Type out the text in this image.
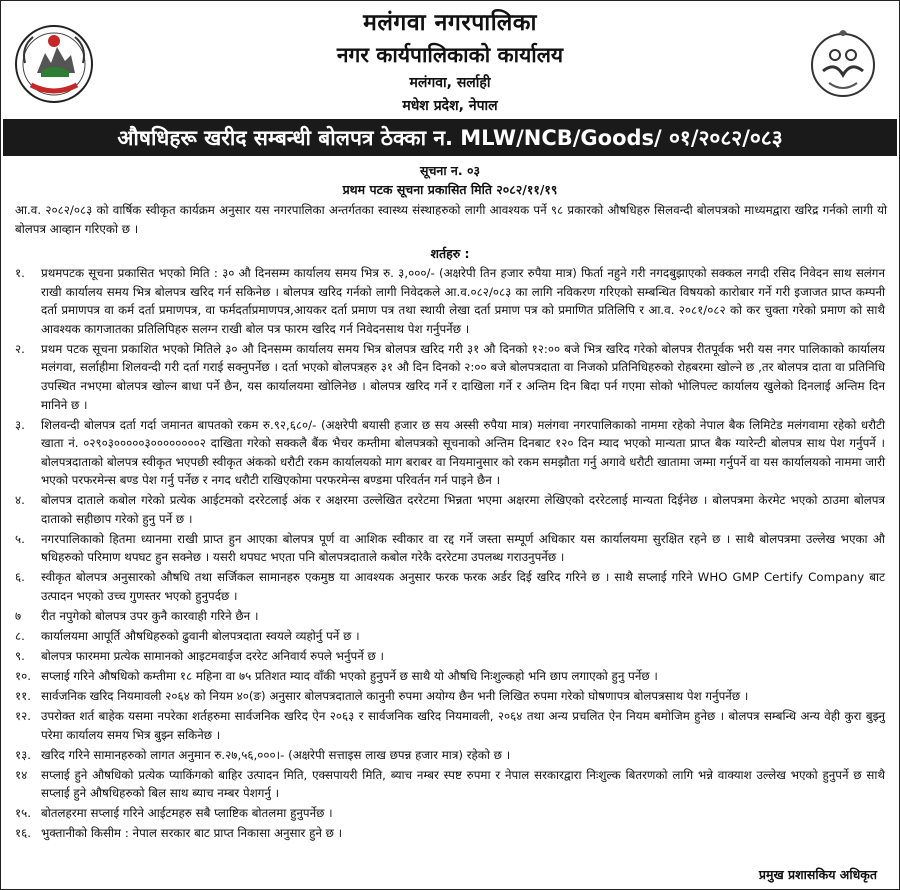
मलंगवा नगरपालिका
नगर कार्यपालिकाको कार्यालय
मलंगवा, सर्लाही
मधेश प्रदेश, नेपाल
औषधिहरू खरीद सम्बन्धी बोलपत्र ठेक्का न. MLW/NCB/Goods/ ०१/२०८२/०८३
सूचना न. ०३
प्रथम पटक सूचना प्रकासित मिति २०८२/११/१९
आ.व. २०८२/०८३ को वार्षिक स्वीकृत कार्यक्रम अनुसार यस नगरपालिका अन्तर्गतका स्वास्थ्य संस्थाहरुको लागी आवश्यक पर्ने ९८ प्रकारको औषधिहरु सिलवन्दी बोलपत्रको माध्यमद्वारा खरिद्र गर्नको लागी यो बोलपत्र आव्हान गरिएको छ ।
शर्तहरु :
१.	प्रथमपटक सूचना प्रकासित भएको मिति : ३० औ दिनसम्म कार्यालय समय भित्र रु. ३,०००/- (अक्षरेपी तिन हजार रुपैया मात्र) फिर्ता नहुने गरी नगदबुझाएको सक्कल नगदी रसिद निवेदन साथ सलंगन राखी कार्यालय समय भित्र बोलपत्र खरिद गर्न सकिनेछ । बोलपत्र खरिद गर्नको लागी निवेदकले आ.व.०८२/०८३ का लागि नविकरण गरिएको सम्बन्धित विषयको कारोबार गर्ने गरी इजाजत प्राप्त कम्पनी दर्ता प्रमाणपत्र वा कर्म दर्ता प्रमाणपत्र, वा फर्मदर्ताप्रमाणपत्र,आयकर दर्ता प्रमाण पत्र तथा स्थायी लेखा दर्ता प्रमाण पत्र को प्रमाणित प्रतिलिपि र आ.व. २०८१/०८२ को कर चुक्ता गरेको प्रमाण को साथै आवश्यक कागजातका प्रतिलिपिहरु सलग्न राखी बोल पत्र फारम खरिद गर्न निवेदनसाथ पेश गर्नुपर्नेछ ।
२.	प्रथम पटक सूचना प्रकाशित भएको मितिले ३० औ दिनसम्म कार्यालय समय भित्र बोलपत्र खरिद गरी ३१ औ दिनको १२:०० बजे भित्र खरिद गरेको बोलपत्र रीतपूर्वक भरी यस नगर पालिकाको कार्यालय मलंगवा, सर्लाहीमा शिलवन्दी गरी दर्ता गराई सक्नुपर्नेछ । दर्ता भएको बोलपत्रहरु ३१ औ दिन दिनको २:०० बजे बोलपत्रदाता वा निजको प्रतिनिधिहरुको रोहबरमा खोल्ने छ ,तर बोलपत्र दाता वा प्रतिनिधि उपस्थित नभएमा बोलपत्र खोल्न बाधा पर्ने छैन, यस कार्यालयमा खोलिनेछ । बोलपत्र खरिद गर्ने र दाखिला गर्ने र अन्तिम दिन बिदा पर्न गएमा सोको भोलिपल्ट कार्यालय खुलेको दिनलाई अन्तिम दिन मानिने छ ।
३.	शिलवन्दी बोलपत्र दर्ता गर्दा जमानत बापतको रकम रु.९२,६८०/- (अक्षरेपी बयासी हजार छ सय अस्सी रुपैया मात्र) मलंगवा नगरपालिकाको नाममा रहेको नेपाल बैक लिमिटेड मलंगवामा रहेको धरौटी खाता नं. ०२९०३०००००३००००००००२ दाखिता गरेको सक्कलै बैंक भैचर कम्तीमा बोलपत्रको सूचनाको अन्तिम दिनबाट १२० दिन म्याद भएको मान्यता प्राप्त बैक ग्यारेन्टी बोलपत्र साथ पेश गर्नुपर्ने । बोलपत्रदाताको बोलपत्र स्वीकृत भएपछी स्वीकृत अंकको धरौटी रकम कार्यालयको माग बराबर वा नियमानुसार को रकम समझौता गर्नु अगावे धरौटी खातामा जम्मा गर्नुपर्ने वा यस कार्यालयको नाममा जारी भएको परफरमेन्स बण्ड पेश गर्नु पर्नेछ र नगद धरौटी राखिएकोमा परफरमेन्स बण्डमा परिवर्तन गर्न पाइने छैन ।
४.	बोलपत्र दाताले कबोल गरेको प्रत्येक आईटमको दररेटलाई अंक र अक्षरमा उल्लेखित दररेटमा भिन्नता भएमा अक्षरमा लेखिएको दररेटलाई मान्यता दिईनेछ । बोलपत्रमा केरमेट भएको ठाउमा बोलपत्र दाताको सहीछाप गरेको हुनु पर्ने छ ।
५.	नगरपालिकाको हितमा ध्यानमा राखी प्राप्त हुन आएका बोलपत्र पूर्ण वा आशिक स्वीकार वा रद्द गर्ने जस्ता सम्पूर्ण अधिकार यस कार्यालयमा सुरक्षित रहने छ । साथै बोलपत्रमा उल्लेख भएका औ षधिहरुको परिमाण थपघट हुन सक्नेछ । यसरी थपघट भएता पनि बोलपत्रदाताले कबोल गरेकै दररेटमा उपलब्ध गराउनुपर्नेछ ।
६.	स्वीकृत बोलपत्र अनुसारको औषधि तथा सर्जिकल सामानहरु एकमुष्ठ या आवश्यक अनुसार फरक फरक अर्डर दिई खरिद गरिने छ । साथै सप्लाई गरिने WHO GMP Certify Company बाट उत्पादन भएको उच्च गुणस्तर भएको हुनुपर्दछ ।
७	रीत नपुगेको बोलपत्र उपर कुनै कारवाही गरिने छैन ।
८.	कार्यालयमा आपूर्ति औषधिहरुको ढुवानी बोलपत्रदाता स्वयले व्यहोर्नु पर्ने छ ।
९.	बोलपत्र फारममा प्रत्येक सामानको आइटमवाईज दररेट अनिवार्य रुपले भर्नुपर्ने छ ।
१०. सप्लाई गरिने औषधिको कम्तीमा १८ महिना वा ७५ प्रतिशत म्याद वाँकी भएको हुनुपर्ने छ साथै यो औषधि निःशुल्कहो भनि छाप लगाएको हुनु पर्नेछ ।
११. सार्वजनिक खरिद नियमावली २०६४ को नियम ४०(ङ) अनुसार बोलपत्रदाताले कानुनी रुपमा अयोग्य छैन भनी लिखित रुपमा गरेको घोषणापत्र बोलपत्रसाथ पेश गर्नुपर्नेछ ।
१२. उपरोक्त शर्त बाहेक यसमा नपरेका शर्तहरुमा सार्वजनिक खरिद ऐन २०६३ र सार्वजनिक खरिद नियमावली, २०६४ तथा अन्य प्रचलित ऐन नियम बमोजिम हुनेछ । बोलपत्र सम्बन्धि अन्य वेही कुरा बुझ्नु परेमा कार्यालय समय भित्र बुझ्न सकिनेछ ।
१३. खरिद गरिने सामानहरुको लागत अनुमान रु.२७,५६,०००।- (अक्षरेपी सत्ताइस लाख छपन्न हजार मात्र) रहेको छ ।
१४	सप्लाई हुने औषधिको प्रत्येक प्याकिंगको बाहिर उत्पादन मिति, एक्सपायरी मिति, ब्याच नम्बर स्पष्ट रुपमा र नेपाल सरकारद्वारा निःशुल्क बितरणको लागि भन्ने वाक्याश उल्लेख भएको हुनुपर्ने छ साथै सप्लाई हुने औषधिहरुको बिल साथ ब्याच नम्बर पेशगर्नु ।
१५. बोतलहरमा सप्लाई गरिने आईटमहरु सबै प्लाष्टिक बोतलमा हुनुपर्नेछ ।
१६. भुक्तानीको किसीम : नेपाल सरकार बाट प्राप्त निकासा अनुसार हुने छ ।
प्रमुख प्रशासकिय अधिकृत
